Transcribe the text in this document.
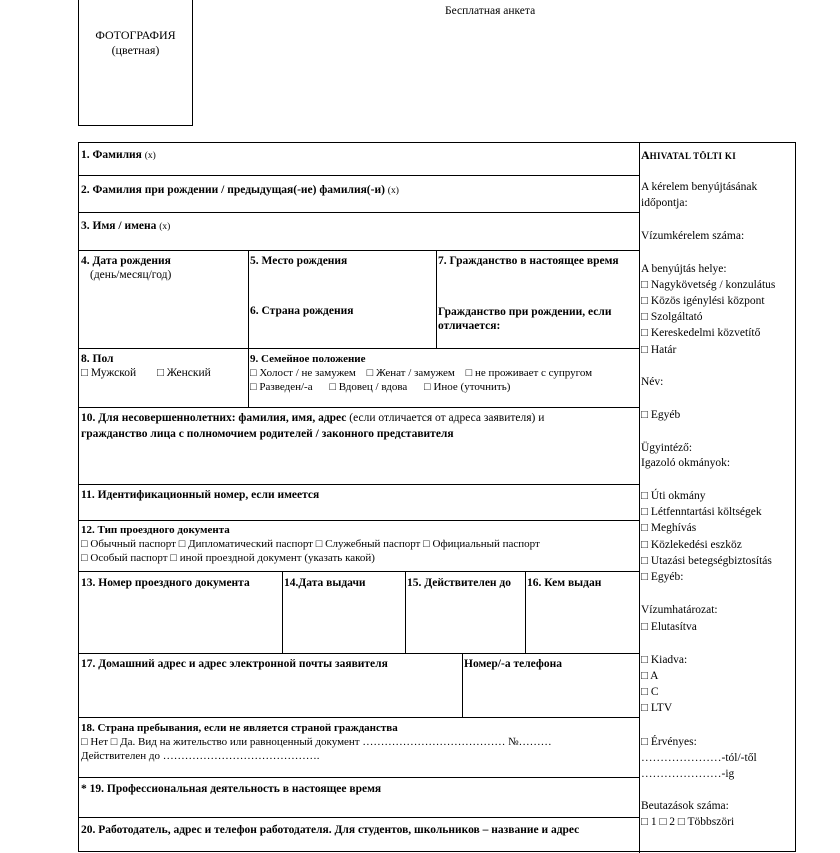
ФОТОГРАФИЯ
(цветная)
Бесплатная анкета
1. Фамилия (x)
2. Фамилия при рождении / предыдущая(-ие) фамилия(-и) (x)
3. Имя / имена (x)
4. Дата рождения
(день/месяц/год)
5. Место рождения
6. Страна рождения
7. Гражданство в настоящее время
Гражданство при рождении, если
отличается:
8. Пол
□ Мужской □ Женский
9. Семейное положение
□ Холост / не замужем □ Женат / замужем □ не проживает с супругом
□ Разведен/-а □ Вдовец / вдова □ Иное (уточнить)
10. Для несовершеннолетних: фамилия, имя, адрес (если отличается от адреса заявителя) и
гражданство лица с полномочием родителей / законного представителя
11. Идентификационный номер, если имеется
12. Тип проездного документа
□ Обычный паспорт □ Дипломатический паспорт □ Служебный паспорт □ Официальный паспорт
□ Особый паспорт □ иной проездной документ (указать какой)
13. Номер проездного документа	14.Дата выдачи	15. Действителен до 16. Кем выдан
17. Домашний адрес и адрес электронной почты заявителя	Номер/-а телефона
18. Страна пребывания, если не является страной гражданства
□ Нет □ Да. Вид на жительство или равноценный документ ………………………………… №………
Действителен до …………………………………….
* 19. Профессиональная деятельность в настоящее время
20. Работодатель, адрес и телефон работодателя. Для студентов, школьников – название и адрес
AHIVATAL TÖLTI KI
A kérelem benyújtásának
időpontja:
Vízumkérelem száma:
A benyújtás helye:
□ Nagykövetség / konzulátus
□ Közös igénylési központ
□ Szolgáltató
□ Kereskedelmi közvetítő
□ Határ
Név:
□ Egyéb
Ügyintéző:
Igazoló okmányok:
□ Úti okmány
□ Létfenntartási költségek
□ Meghívás
□ Közlekedési eszköz
□ Utazási betegségbiztosítás
□ Egyéb:
Vízumhatározat:
□ Elutasítva
□ Kiadva:
□ A
□ C
□ LTV
□ Érvényes:
…………………-tól/-től
…………………-ig
Beutazások száma:
□ 1 □ 2 □ Többszöri
